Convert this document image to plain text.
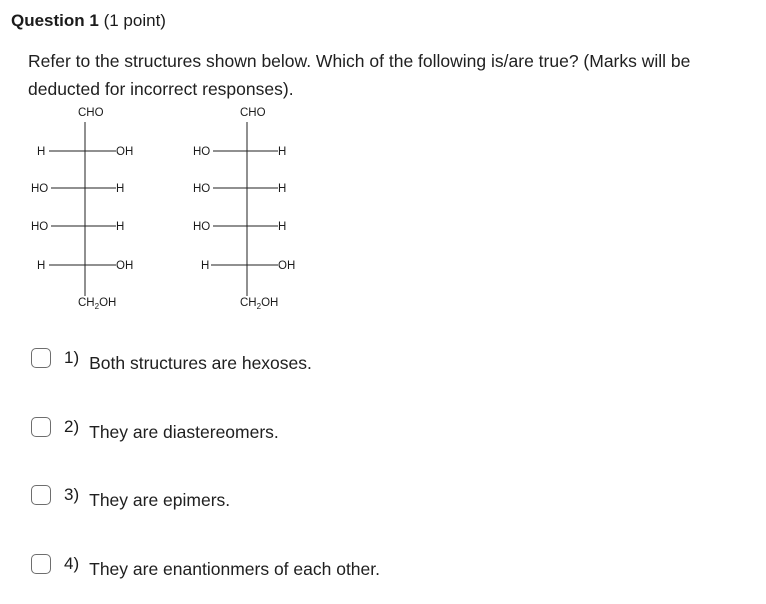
Question 1 (1 point)
Refer to the structures shown below. Which of the following is/are true? (Marks will be deducted for incorrect responses).
CHO
H	OH
HO	H
HO	H
H	OH
$CH_2OH$
CHO
HO	H
HO	H
HO	H
H	OH
$CH_2OH$
1) Both structures are hexoses.
2) They are diastereomers.
3) They are epimers.
4) They are enantionmers of each other.
